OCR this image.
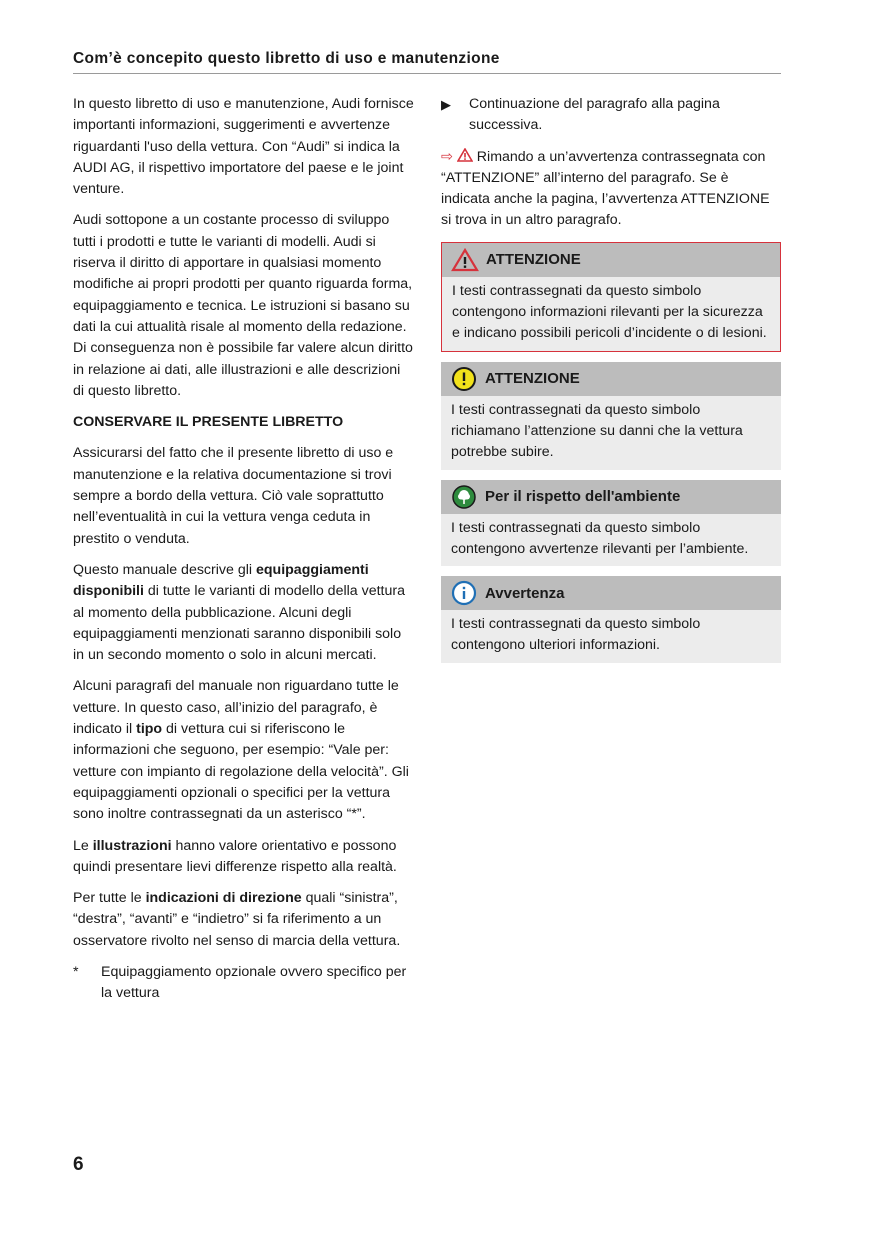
Com’è concepito questo libretto di uso e manutenzione

In questo libretto di uso e manutenzione, Audi fornisce importanti informazioni, suggerimenti e avvertenze riguardanti l'uso della vettura. Con “Audi” si indica la AUDI AG, il rispettivo importatore del paese e le joint venture.

Audi sottopone a un costante processo di sviluppo tutti i prodotti e tutte le varianti di modelli. Audi si riserva il diritto di apportare in qualsiasi momento modifiche ai propri prodotti per quanto riguarda forma, equipaggiamento e tecnica. Le istruzioni si basano su dati la cui attualità risale al momento della redazione. Di conseguenza non è possibile far valere alcun diritto in relazione ai dati, alle illustrazioni e alle descrizioni di questo libretto.

CONSERVARE IL PRESENTE LIBRETTO

Assicurarsi del fatto che il presente libretto di uso e manutenzione e la relativa documentazione si trovi sempre a bordo della vettura. Ciò vale soprattutto nell’eventualità in cui la vettura venga ceduta in prestito o venduta.

Questo manuale descrive gli equipaggiamenti disponibili di tutte le varianti di modello della vettura al momento della pubblicazione. Alcuni degli equipaggiamenti menzionati saranno disponibili solo in un secondo momento o solo in alcuni mercati.

Alcuni paragrafi del manuale non riguardano tutte le vetture. In questo caso, all’inizio del paragrafo, è indicato il tipo di vettura cui si riferiscono le informazioni che seguono, per esempio: “Vale per: vetture con impianto di regolazione della velocità”. Gli equipaggiamenti opzionali o specifici per la vettura sono inoltre contrassegnati da un asterisco “*”.

Le illustrazioni hanno valore orientativo e possono quindi presentare lievi differenze rispetto alla realtà.

Per tutte le indicazioni di direzione quali “sinistra”, “destra”, “avanti” e “indietro” si fa riferimento a un osservatore rivolto nel senso di marcia della vettura.

*	Equipaggiamento opzionale ovvero specifico per la vettura
▶	Continuazione del paragrafo alla pagina successiva.

⇨ Rimando a un’avvertenza contrassegnata con “ATTENZIONE” all’interno del paragrafo. Se è indicata anche la pagina, l’avvertenza ATTENZIONE si trova in un altro paragrafo.

ATTENZIONE
I testi contrassegnati da questo simbolo contengono informazioni rilevanti per la sicurezza e indicano possibili pericoli d’incidente o di lesioni.
ATTENZIONE
I testi contrassegnati da questo simbolo richiamano l’attenzione su danni che la vettura potrebbe subire.
Per il rispetto dell'ambiente
I testi contrassegnati da questo simbolo contengono avvertenze rilevanti per l’ambiente.
Avvertenza
I testi contrassegnati da questo simbolo contengono ulteriori informazioni.
6
